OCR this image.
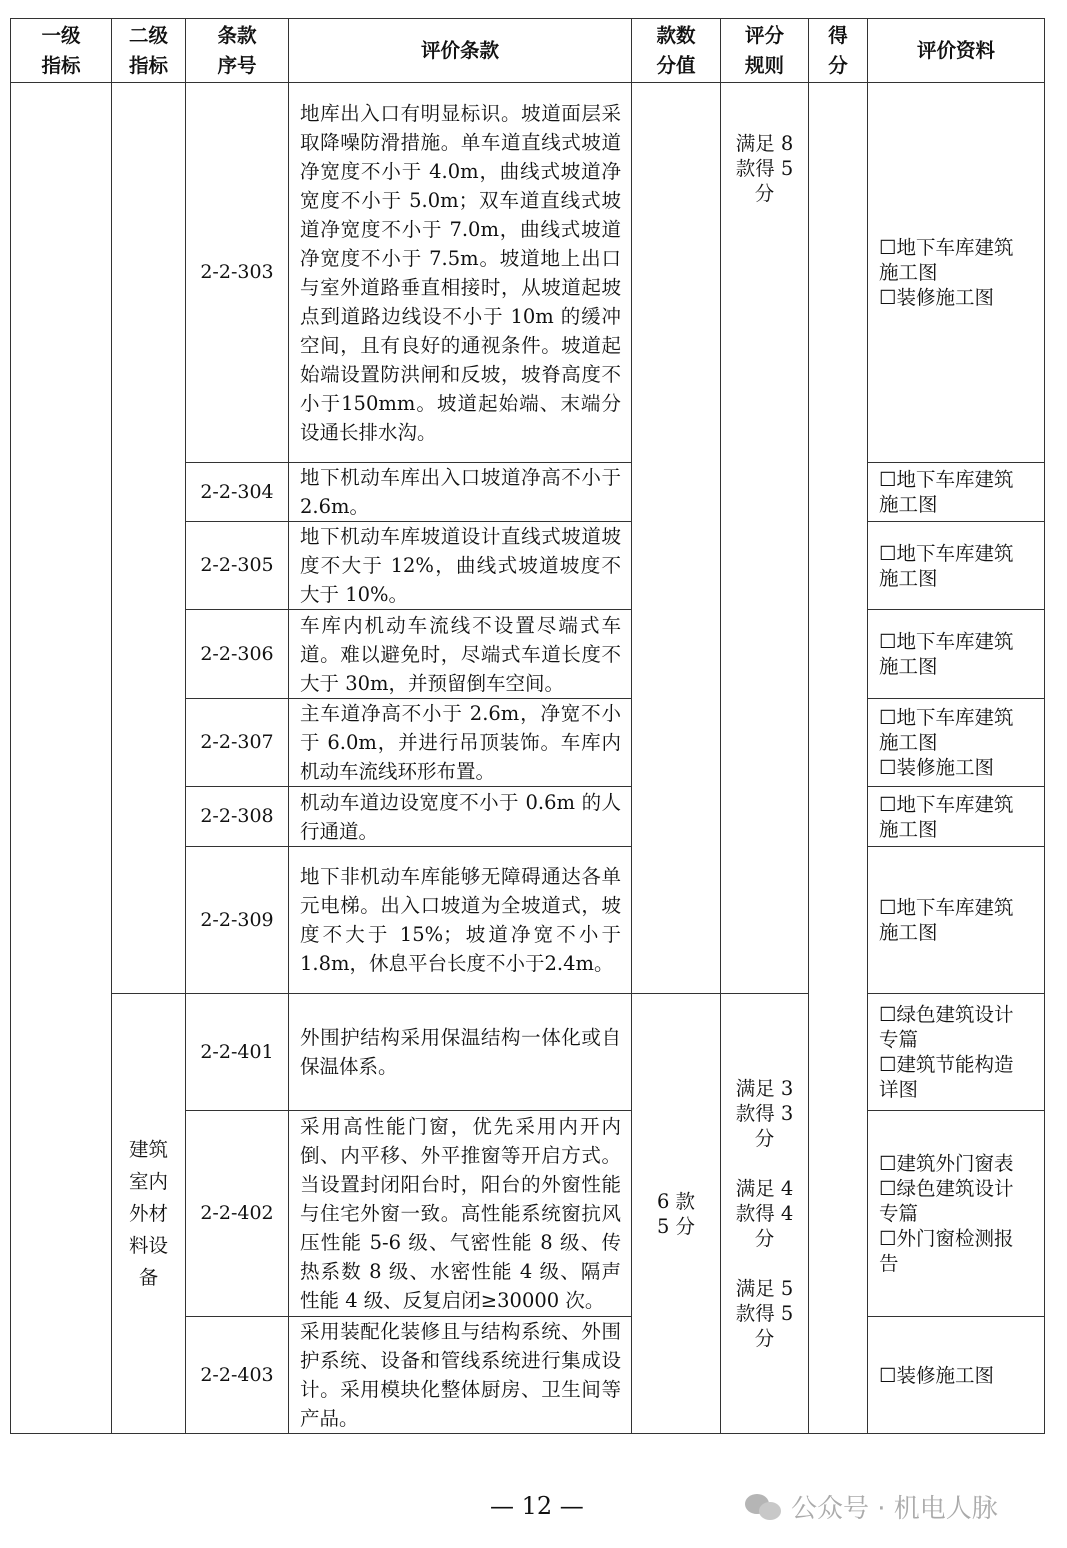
一级
指标
二级
指标
条款
序号
评价条款
款数
分值
评分
规则
得
分
评价资料
满足 8
款得 5
分
建筑
室内
外材
料设
备
6 款
5 分
满足 3
款得 3
分

满足 4
款得 4
分

满足 5
款得 5
分
2-2-303
地库出入口有明显标识。坡道面层采取降噪防滑措施。单车道直线式坡道净宽度不小于 4.0m，曲线式坡道净宽度不小于 5.0m；双车道直线式坡道净宽度不小于 7.0m，曲线式坡道净宽度不小于 7.5m。坡道地上出口与室外道路垂直相接时，从坡道起坡点到道路边线设不小于 10m 的缓冲空间，且有良好的通视条件。坡道起始端设置防洪闸和反坡，坡脊高度不小于150mm。坡道起始端、末端分设通长排水沟。
☐地下车库建筑
施工图
☐装修施工图
2-2-304
地下机动车库出入口坡道净高不小于 2.6m。
☐地下车库建筑
施工图
2-2-305
地下机动车库坡道设计直线式坡道坡度不大于 12%，曲线式坡道坡度不大于 10%。
☐地下车库建筑
施工图
2-2-306
车库内机动车流线不设置尽端式车道。难以避免时，尽端式车道长度不大于 30m，并预留倒车空间。
☐地下车库建筑
施工图
2-2-307
主车道净高不小于 2.6m，净宽不小于 6.0m，并进行吊顶装饰。车库内机动车流线环形布置。
☐地下车库建筑
施工图
☐装修施工图
2-2-308
机动车道边设宽度不小于 0.6m 的人行通道。
☐地下车库建筑
施工图
2-2-309
地下非机动车库能够无障碍通达各单元电梯。出入口坡道为全坡道式，坡度不大于 15%；坡道净宽不小于 1.8m，休息平台长度不小于2.4m。
☐地下车库建筑
施工图
2-2-401
外围护结构采用保温结构一体化或自保温体系。
☐绿色建筑设计
专篇
☐建筑节能构造
详图
2-2-402
采用高性能门窗，优先采用内开内倒、内平移、外平推窗等开启方式。当设置封闭阳台时，阳台的外窗性能与住宅外窗一致。高性能系统窗抗风压性能 5-6 级、气密性能 8 级、传热系数 8 级、水密性能 4 级、隔声性能 4 级、反复启闭≥30000 次。
☐建筑外门窗表
☐绿色建筑设计
专篇
☐外门窗检测报
告
2-2-403
采用装配化装修且与结构系统、外围护系统、设备和管线系统进行集成设计。采用模块化整体厨房、卫生间等产品。
☐装修施工图
— 12 —	公众号 · 机电人脉
